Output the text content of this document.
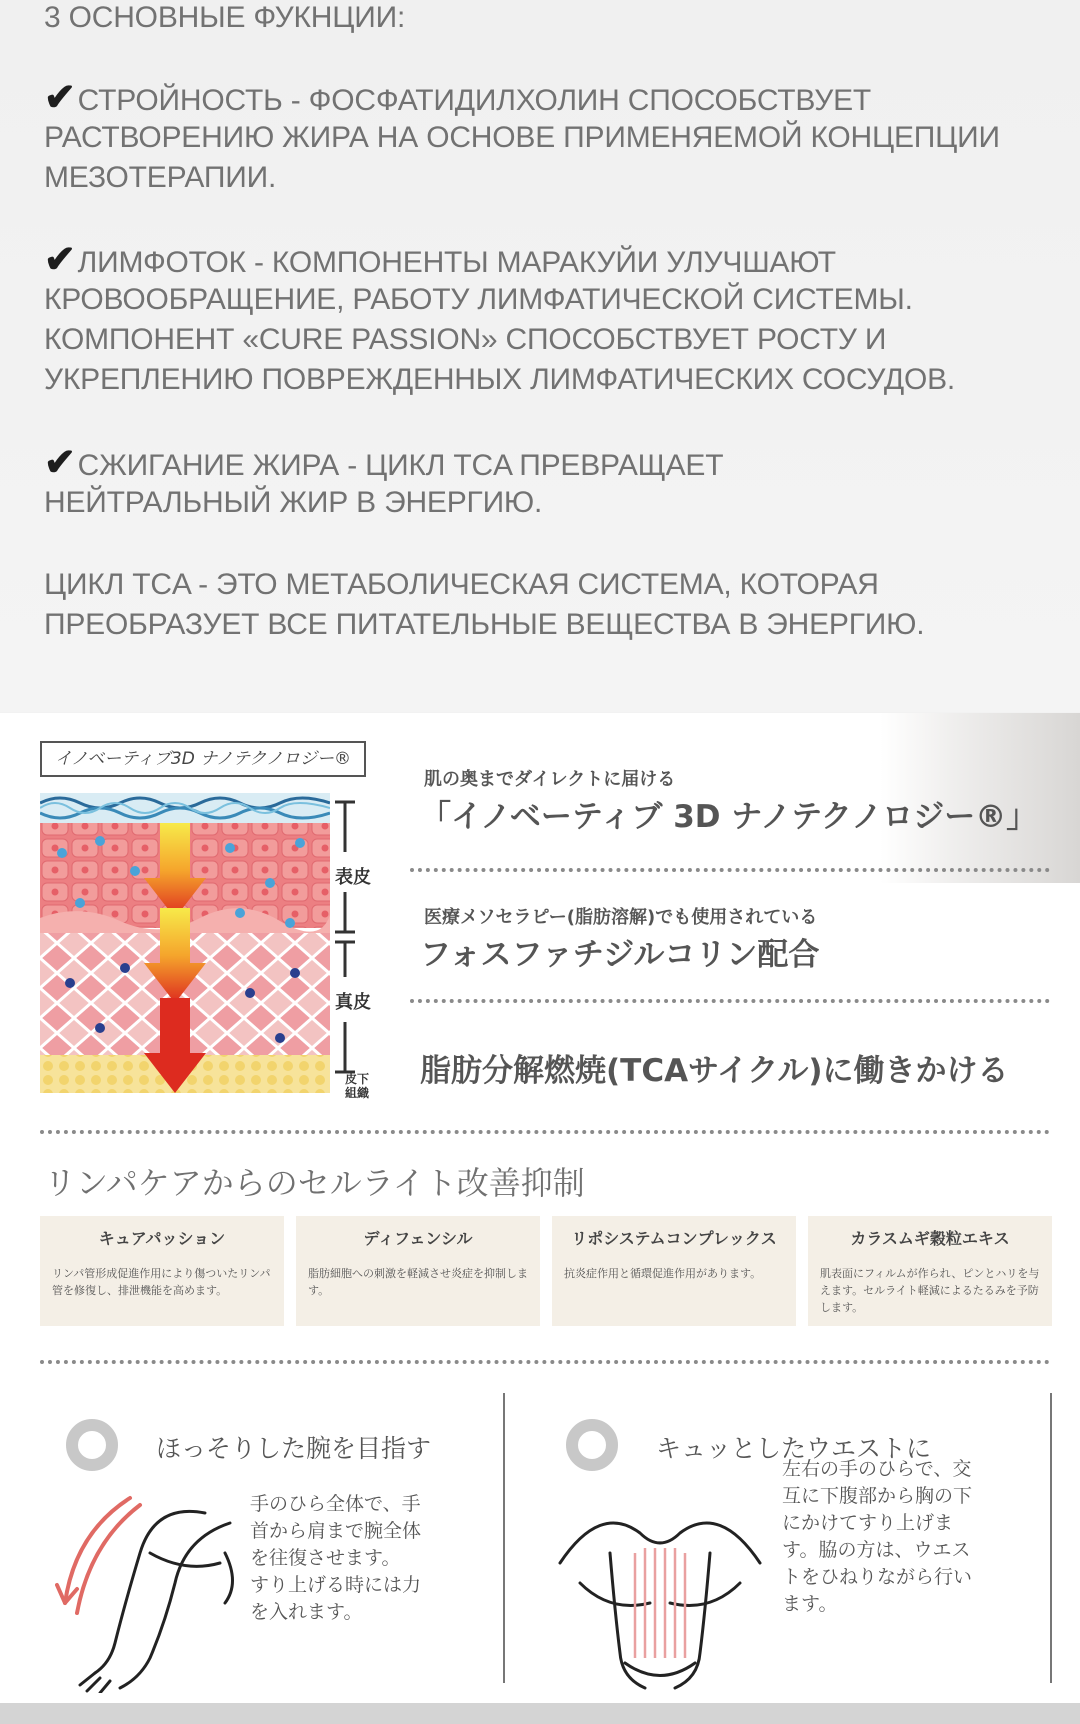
3 ОСНОВНЫЕ ФУКНЦИИ:
✔СТРОЙНОСТЬ - ФОСФАТИДИЛХОЛИН СПОСОБСТВУЕТ
РАСТВОРЕНИЮ ЖИРА НА ОСНОВЕ ПРИМЕНЯЕМОЙ КОНЦЕПЦИИ
МЕЗОТЕРАПИИ.
✔ЛИМФОТОК - КОМПОНЕНТЫ МАРАКУЙИ УЛУЧШАЮТ
КРОВООБРАЩЕНИЕ, РАБОТУ ЛИМФАТИЧЕСКОЙ СИСТЕМЫ.
КОМПОНЕНТ «CURE PASSION» СПОСОБСТВУЕТ РОСТУ И
УКРЕПЛЕНИЮ ПОВРЕЖДЕННЫХ ЛИМФАТИЧЕСКИХ СОСУДОВ.
✔СЖИГАНИЕ ЖИРА - ЦИКЛ TCA ПРЕВРАЩАЕТ
НЕЙТРАЛЬНЫЙ ЖИР В ЭНЕРГИЮ.
ЦИКЛ TCA - ЭТО МЕТАБОЛИЧЕСКАЯ СИСТЕМА, КОТОРАЯ
ПРЕОБРАЗУЕТ ВСЕ ПИТАТЕЛЬНЫЕ ВЕЩЕСТВА В ЭНЕРГИЮ.
イノベーティブ3D ナノテクノロジー®
表皮
真皮
皮下
組織
肌の奥までダイレクトに届ける
「イノベーティブ 3D ナノテクノロジー®」
医療メソセラピー(脂肪溶解)でも使用されている
フォスファチジルコリン配合
脂肪分解燃焼(TCAサイクル)に働きかける
リンパケアからのセルライト改善抑制
キュアパッション
リンパ管形成促進作用により傷ついたリンパ管を修復し、排泄機能を高めます。
ディフェンシル
脂肪細胞への刺激を軽減させ炎症を抑制します。
リポシステムコンプレックス
抗炎症作用と循環促進作用があります。
カラスムギ穀粒エキス
肌表面にフィルムが作られ、ピンとハリを与えます。セルライト軽減によるたるみを予防します。
ほっそりした腕を目指す
手のひら全体で、手
首から肩まで腕全体
を往復させます。
すり上げる時には力
を入れます。
キュッとしたウエストに
左右の手のひらで、交
互に下腹部から胸の下
にかけてすり上げま
す。脇の方は、ウエス
トをひねりながら行い
ます。
